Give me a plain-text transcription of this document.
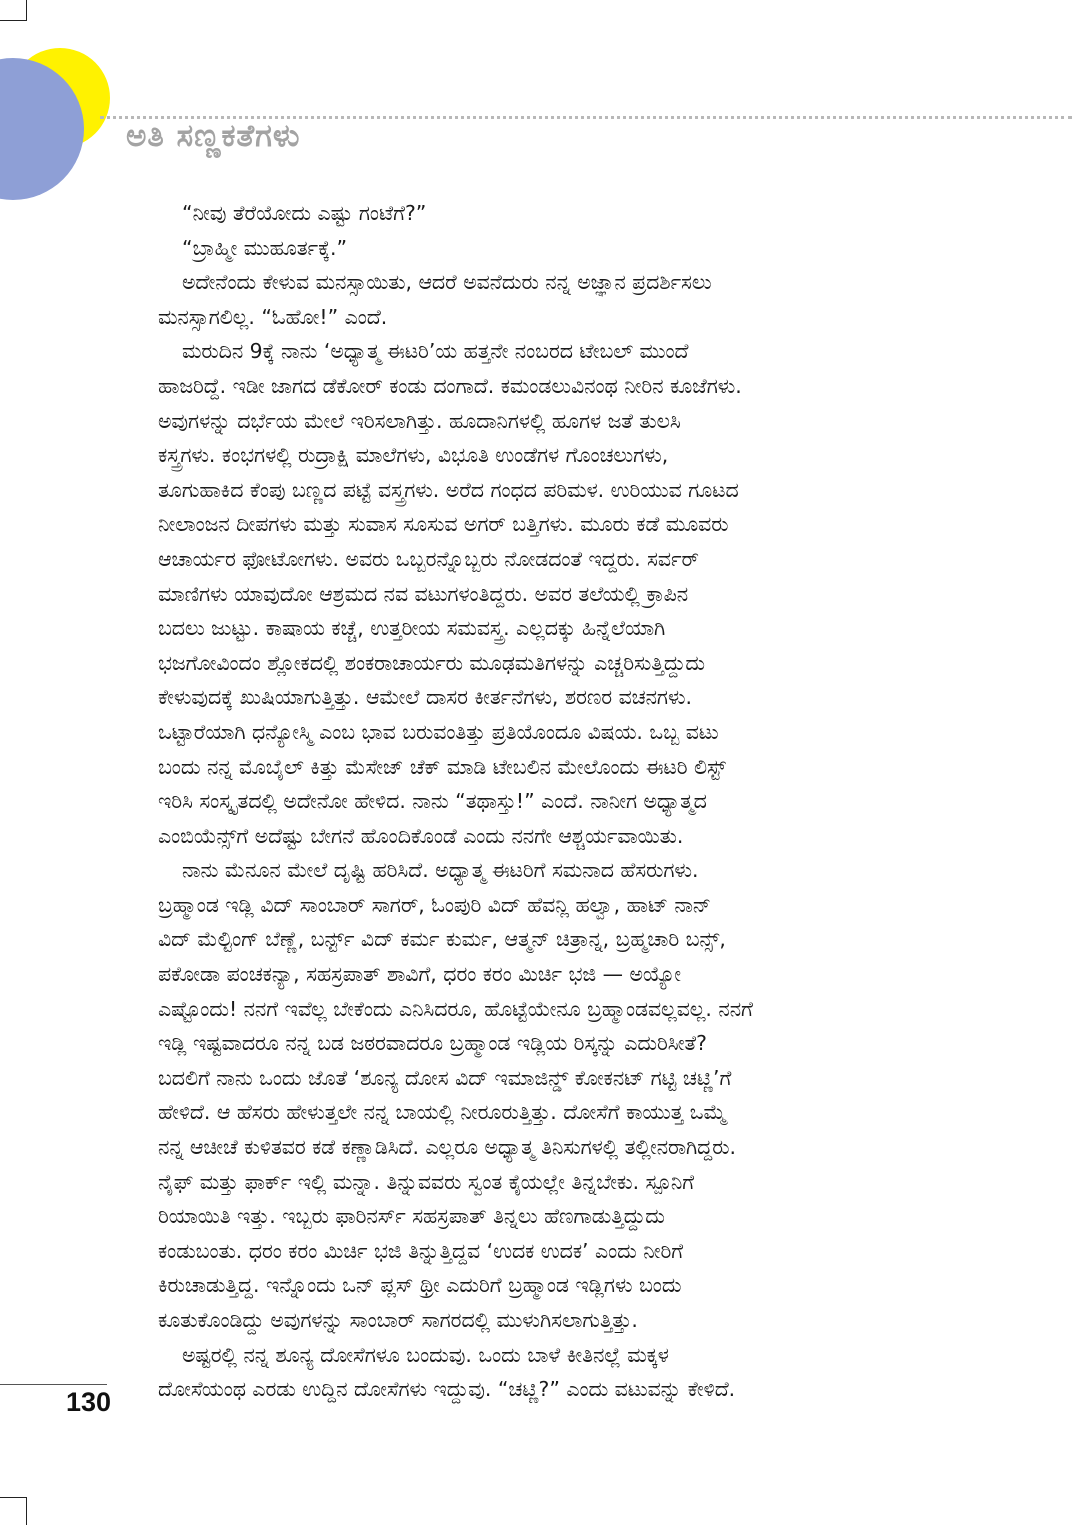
ಅತಿ ಸಣ್ಣಕತೆಗಳು

“ನೀವು ತೆರೆಯೋದು ಎಷ್ಟು ಗಂಟೆಗೆ?”

“ಬ್ರಾಹ್ಮೀ ಮುಹೂರ್ತಕ್ಕೆ.”

ಅದೇನೆಂದು ಕೇಳುವ ಮನಸ್ಸಾಯಿತು, ಆದರೆ ಅವನೆದುರು ನನ್ನ ಅಜ್ಞಾನ ಪ್ರದರ್ಶಿಸಲು

ಮನಸ್ಸಾಗಲಿಲ್ಲ. “ಓಹೋ!” ಎಂದೆ.

ಮರುದಿನ 9ಕ್ಕೆ ನಾನು ‘ಅಧ್ಯಾತ್ಮ ಈಟರಿ’ಯ ಹತ್ತನೇ ನಂಬರದ ಟೇಬಲ್ ಮುಂದೆ

ಹಾಜರಿದ್ದೆ. ಇಡೀ ಜಾಗದ ಡೆಕೋರ್ ಕಂಡು ದಂಗಾದೆ. ಕಮಂಡಲುವಿನಂಥ ನೀರಿನ ಕೂಜೆಗಳು.

ಅವುಗಳನ್ನು ದರ್ಭೆಯ ಮೇಲೆ ಇರಿಸಲಾಗಿತ್ತು. ಹೂದಾನಿಗಳಲ್ಲಿ ಹೂಗಳ ಜತೆ ತುಲಸಿ

ಕಸ್ತ್ರಗಳು. ಕಂಭಗಳಲ್ಲಿ ರುದ್ರಾಕ್ಷಿ ಮಾಲೆಗಳು, ವಿಭೂತಿ ಉಂಡೆಗಳ ಗೊಂಚಲುಗಳು,

ತೂಗುಹಾಕಿದ ಕೆಂಪು ಬಣ್ಣದ ಪಟ್ಟೆ ವಸ್ತ್ರಗಳು. ಅರೆದ ಗಂಧದ ಪರಿಮಳ. ಉರಿಯುವ ಗೂಟದ

ನೀಲಾಂಜನ ದೀಪಗಳು ಮತ್ತು ಸುವಾಸ ಸೂಸುವ ಅಗರ್ ಬತ್ತಿಗಳು. ಮೂರು ಕಡೆ ಮೂವರು

ಆಚಾರ್ಯರ ಫೋಟೋಗಳು. ಅವರು ಒಬ್ಬರನ್ನೊಬ್ಬರು ನೋಡದಂತೆ ಇದ್ದರು. ಸರ್ವರ್

ಮಾಣಿಗಳು ಯಾವುದೋ ಆಶ್ರಮದ ನವ ವಟುಗಳಂತಿದ್ದರು. ಅವರ ತಲೆಯಲ್ಲಿ ಕ್ರಾಪಿನ

ಬದಲು ಜುಟ್ಟು. ಕಾಷಾಯ ಕಚ್ಚೆ, ಉತ್ತರೀಯ ಸಮವಸ್ತ್ರ. ಎಲ್ಲದಕ್ಕು ಹಿನ್ನೆಲೆಯಾಗಿ

ಭಜಗೋವಿಂದಂ ಶ್ಲೋಕದಲ್ಲಿ ಶಂಕರಾಚಾರ್ಯರು ಮೂಢಮತಿಗಳನ್ನು ಎಚ್ಚರಿಸುತ್ತಿದ್ದುದು

ಕೇಳುವುದಕ್ಕೆ ಖುಷಿಯಾಗುತ್ತಿತ್ತು. ಆಮೇಲೆ ದಾಸರ ಕೀರ್ತನೆಗಳು, ಶರಣರ ವಚನಗಳು.

ಒಟ್ಟಾರೆಯಾಗಿ ಧನ್ಯೋಸ್ಮಿ ಎಂಬ ಭಾವ ಬರುವಂತಿತ್ತು ಪ್ರತಿಯೊಂದೂ ವಿಷಯ. ಒಬ್ಬ ವಟು

ಬಂದು ನನ್ನ ಮೊಬೈಲ್ ಕಿತ್ತು ಮೆಸೇಜ್ ಚೆಕ್ ಮಾಡಿ ಟೇಬಲಿನ ಮೇಲೊಂದು ಈಟರಿ ಲಿಸ್ಟ್

ಇರಿಸಿ ಸಂಸ್ಕೃತದಲ್ಲಿ ಅದೇನೋ ಹೇಳಿದ. ನಾನು “ತಥಾಸ್ತು!” ಎಂದೆ. ನಾನೀಗ ಅಧ್ಯಾತ್ಮದ

ಎಂಬಿಯೆನ್ಸ್‌ಗೆ ಅದೆಷ್ಟು ಬೇಗನೆ ಹೊಂದಿಕೊಂಡೆ ಎಂದು ನನಗೇ ಆಶ್ಚರ್ಯವಾಯಿತು.

ನಾನು ಮೆನೂನ ಮೇಲೆ ದೃಷ್ಟಿ ಹರಿಸಿದೆ. ಅಧ್ಯಾತ್ಮ ಈಟರಿಗೆ ಸಮನಾದ ಹೆಸರುಗಳು.

ಬ್ರಹ್ಮಾಂಡ ಇಡ್ಲಿ ವಿದ್ ಸಾಂಬಾರ್ ಸಾಗರ್, ಓಂಪುರಿ ವಿದ್ ಹೆವನ್ಲಿ ಹಲ್ವಾ, ಹಾಟ್ ನಾನ್

ವಿದ್ ಮೆಲ್ಟಿಂಗ್ ಬೆಣ್ಣೆ, ಬರ್ನ್ಟ್ ವಿದ್ ಕರ್ಮ ಕುರ್ಮ, ಆತ್ಮನ್ ಚಿತ್ರಾನ್ನ, ಬ್ರಹ್ಮಚಾರಿ ಬನ್ಸ್,

ಪಕೋಡಾ ಪಂಚಕನ್ಯಾ, ಸಹಸ್ರಪಾತ್ ಶಾವಿಗೆ, ಧರಂ ಕರಂ ಮಿರ್ಚಿ ಭಜಿ — ಅಯ್ಯೋ

ಎಷ್ಟೊಂದು! ನನಗೆ ಇವೆಲ್ಲ ಬೇಕೆಂದು ಎನಿಸಿದರೂ, ಹೊಟ್ಟೆಯೇನೂ ಬ್ರಹ್ಮಾಂಡವಲ್ಲವಲ್ಲ. ನನಗೆ

ಇಡ್ಲಿ ಇಷ್ಟವಾದರೂ ನನ್ನ ಬಡ ಜಠರವಾದರೂ ಬ್ರಹ್ಮಾಂಡ ಇಡ್ಲಿಯ ರಿಸ್ಕನ್ನು ಎದುರಿಸೀತೆ?

ಬದಲಿಗೆ ನಾನು ಒಂದು ಜೊತೆ ‘ಶೂನ್ಯ ದೋಸ ವಿದ್ ಇಮಾಜಿನ್ಡ್ ಕೋಕನಟ್ ಗಟ್ಟಿ ಚಟ್ಣಿ’ಗೆ

ಹೇಳಿದೆ. ಆ ಹೆಸರು ಹೇಳುತ್ತಲೇ ನನ್ನ ಬಾಯಲ್ಲಿ ನೀರೂರುತ್ತಿತ್ತು. ದೋಸೆಗೆ ಕಾಯುತ್ತ ಒಮ್ಮೆ

ನನ್ನ ಆಚೀಚೆ ಕುಳಿತವರ ಕಡೆ ಕಣ್ಣಾಡಿಸಿದೆ. ಎಲ್ಲರೂ ಅಧ್ಯಾತ್ಮ ತಿನಿಸುಗಳಲ್ಲಿ ತಲ್ಲೀನರಾಗಿದ್ದರು.

ನೈಫ್ ಮತ್ತು ಫಾರ್ಕ್ ಇಲ್ಲಿ ಮನ್ನಾ. ತಿನ್ನುವವರು ಸ್ವಂತ ಕೈಯಲ್ಲೇ ತಿನ್ನಬೇಕು. ಸ್ಪೂನಿಗೆ

ರಿಯಾಯಿತಿ ಇತ್ತು. ಇಬ್ಬರು ಫಾರಿನರ್ಸ್ ಸಹಸ್ರಪಾತ್ ತಿನ್ನಲು ಹೆಣಗಾಡುತ್ತಿದ್ದುದು

ಕಂಡುಬಂತು. ಧರಂ ಕರಂ ಮಿರ್ಚಿ ಭಜಿ ತಿನ್ನುತ್ತಿದ್ದವ ‘ಉದಕ ಉದಕ’ ಎಂದು ನೀರಿಗೆ

ಕಿರುಚಾಡುತ್ತಿದ್ದ. ಇನ್ನೊಂದು ಒನ್ ಪ್ಲಸ್ ಥ್ರೀ ಎದುರಿಗೆ ಬ್ರಹ್ಮಾಂಡ ಇಡ್ಲಿಗಳು ಬಂದು

ಕೂತುಕೊಂಡಿದ್ದು ಅವುಗಳನ್ನು ಸಾಂಬಾರ್ ಸಾಗರದಲ್ಲಿ ಮುಳುಗಿಸಲಾಗುತ್ತಿತ್ತು.

ಅಷ್ಟರಲ್ಲಿ ನನ್ನ ಶೂನ್ಯ ದೋಸೆಗಳೂ ಬಂದುವು. ಒಂದು ಬಾಳೆ ಕೀತಿನಲ್ಲೆ ಮಕ್ಕಳ

ದೋಸೆಯಂಥ ಎರಡು ಉದ್ದಿನ ದೋಸೆಗಳು ಇದ್ದುವು. “ಚಟ್ಣಿ?” ಎಂದು ವಟುವನ್ನು ಕೇಳಿದೆ.

130
